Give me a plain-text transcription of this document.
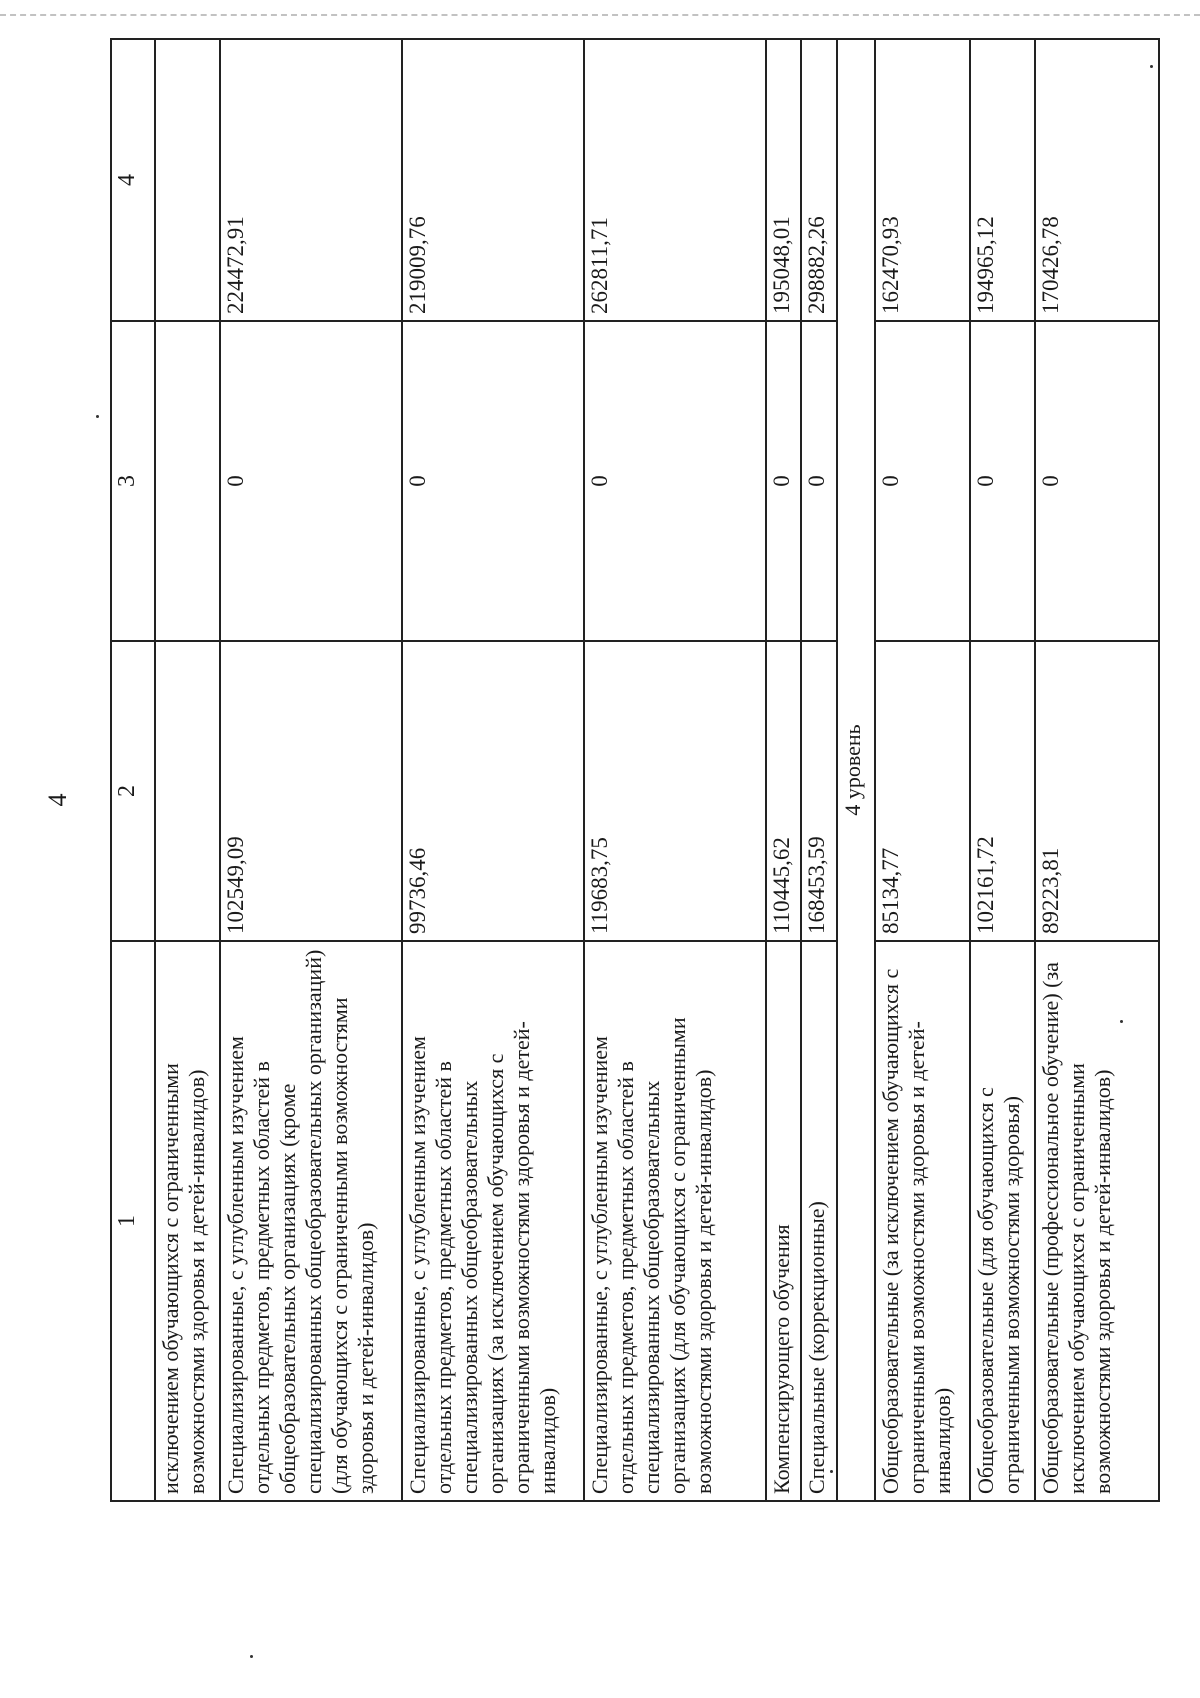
4
1	2	3	4
исключением обучающихся с ограниченными возможностями здоровья и детей-инвалидов)			
Специализированные, с углубленным изучением отдельных предметов, предметных областей в общеобразовательных организациях (кроме специализированных общеобразовательных организаций) (для обучающихся с ограниченными возможностями здоровья и детей-инвалидов)	102549,09	0	224472,91
Специализированные, с углубленным изучением отдельных предметов, предметных областей в специализированных общеобразовательных организациях (за исключением обучающихся с ограниченными возможностями здоровья и детей-инвалидов)	99736,46	0	219009,76
Специализированные, с углубленным изучением отдельных предметов, предметных областей в специализированных общеобразовательных организациях (для обучающихся с ограниченными возможностями здоровья и детей-инвалидов)	119683,75	0	262811,71
Компенсирующего обучения	110445,62	0	195048,01
Специальные (коррекционные)	168453,59	0	298882,26
4 уровень			
Общеобразовательные (за исключением обучающихся с ограниченными возможностями здоровья и детей-инвалидов)	85134,77	0	162470,93
Общеобразовательные (для обучающихся с ограниченными возможностями здоровья)	102161,72	0	194965,12
Общеобразовательные (профессиональное обучение) (за исключением обучающихся с ограниченными возможностями здоровья и детей-инвалидов)	89223,81	0	170426,78
